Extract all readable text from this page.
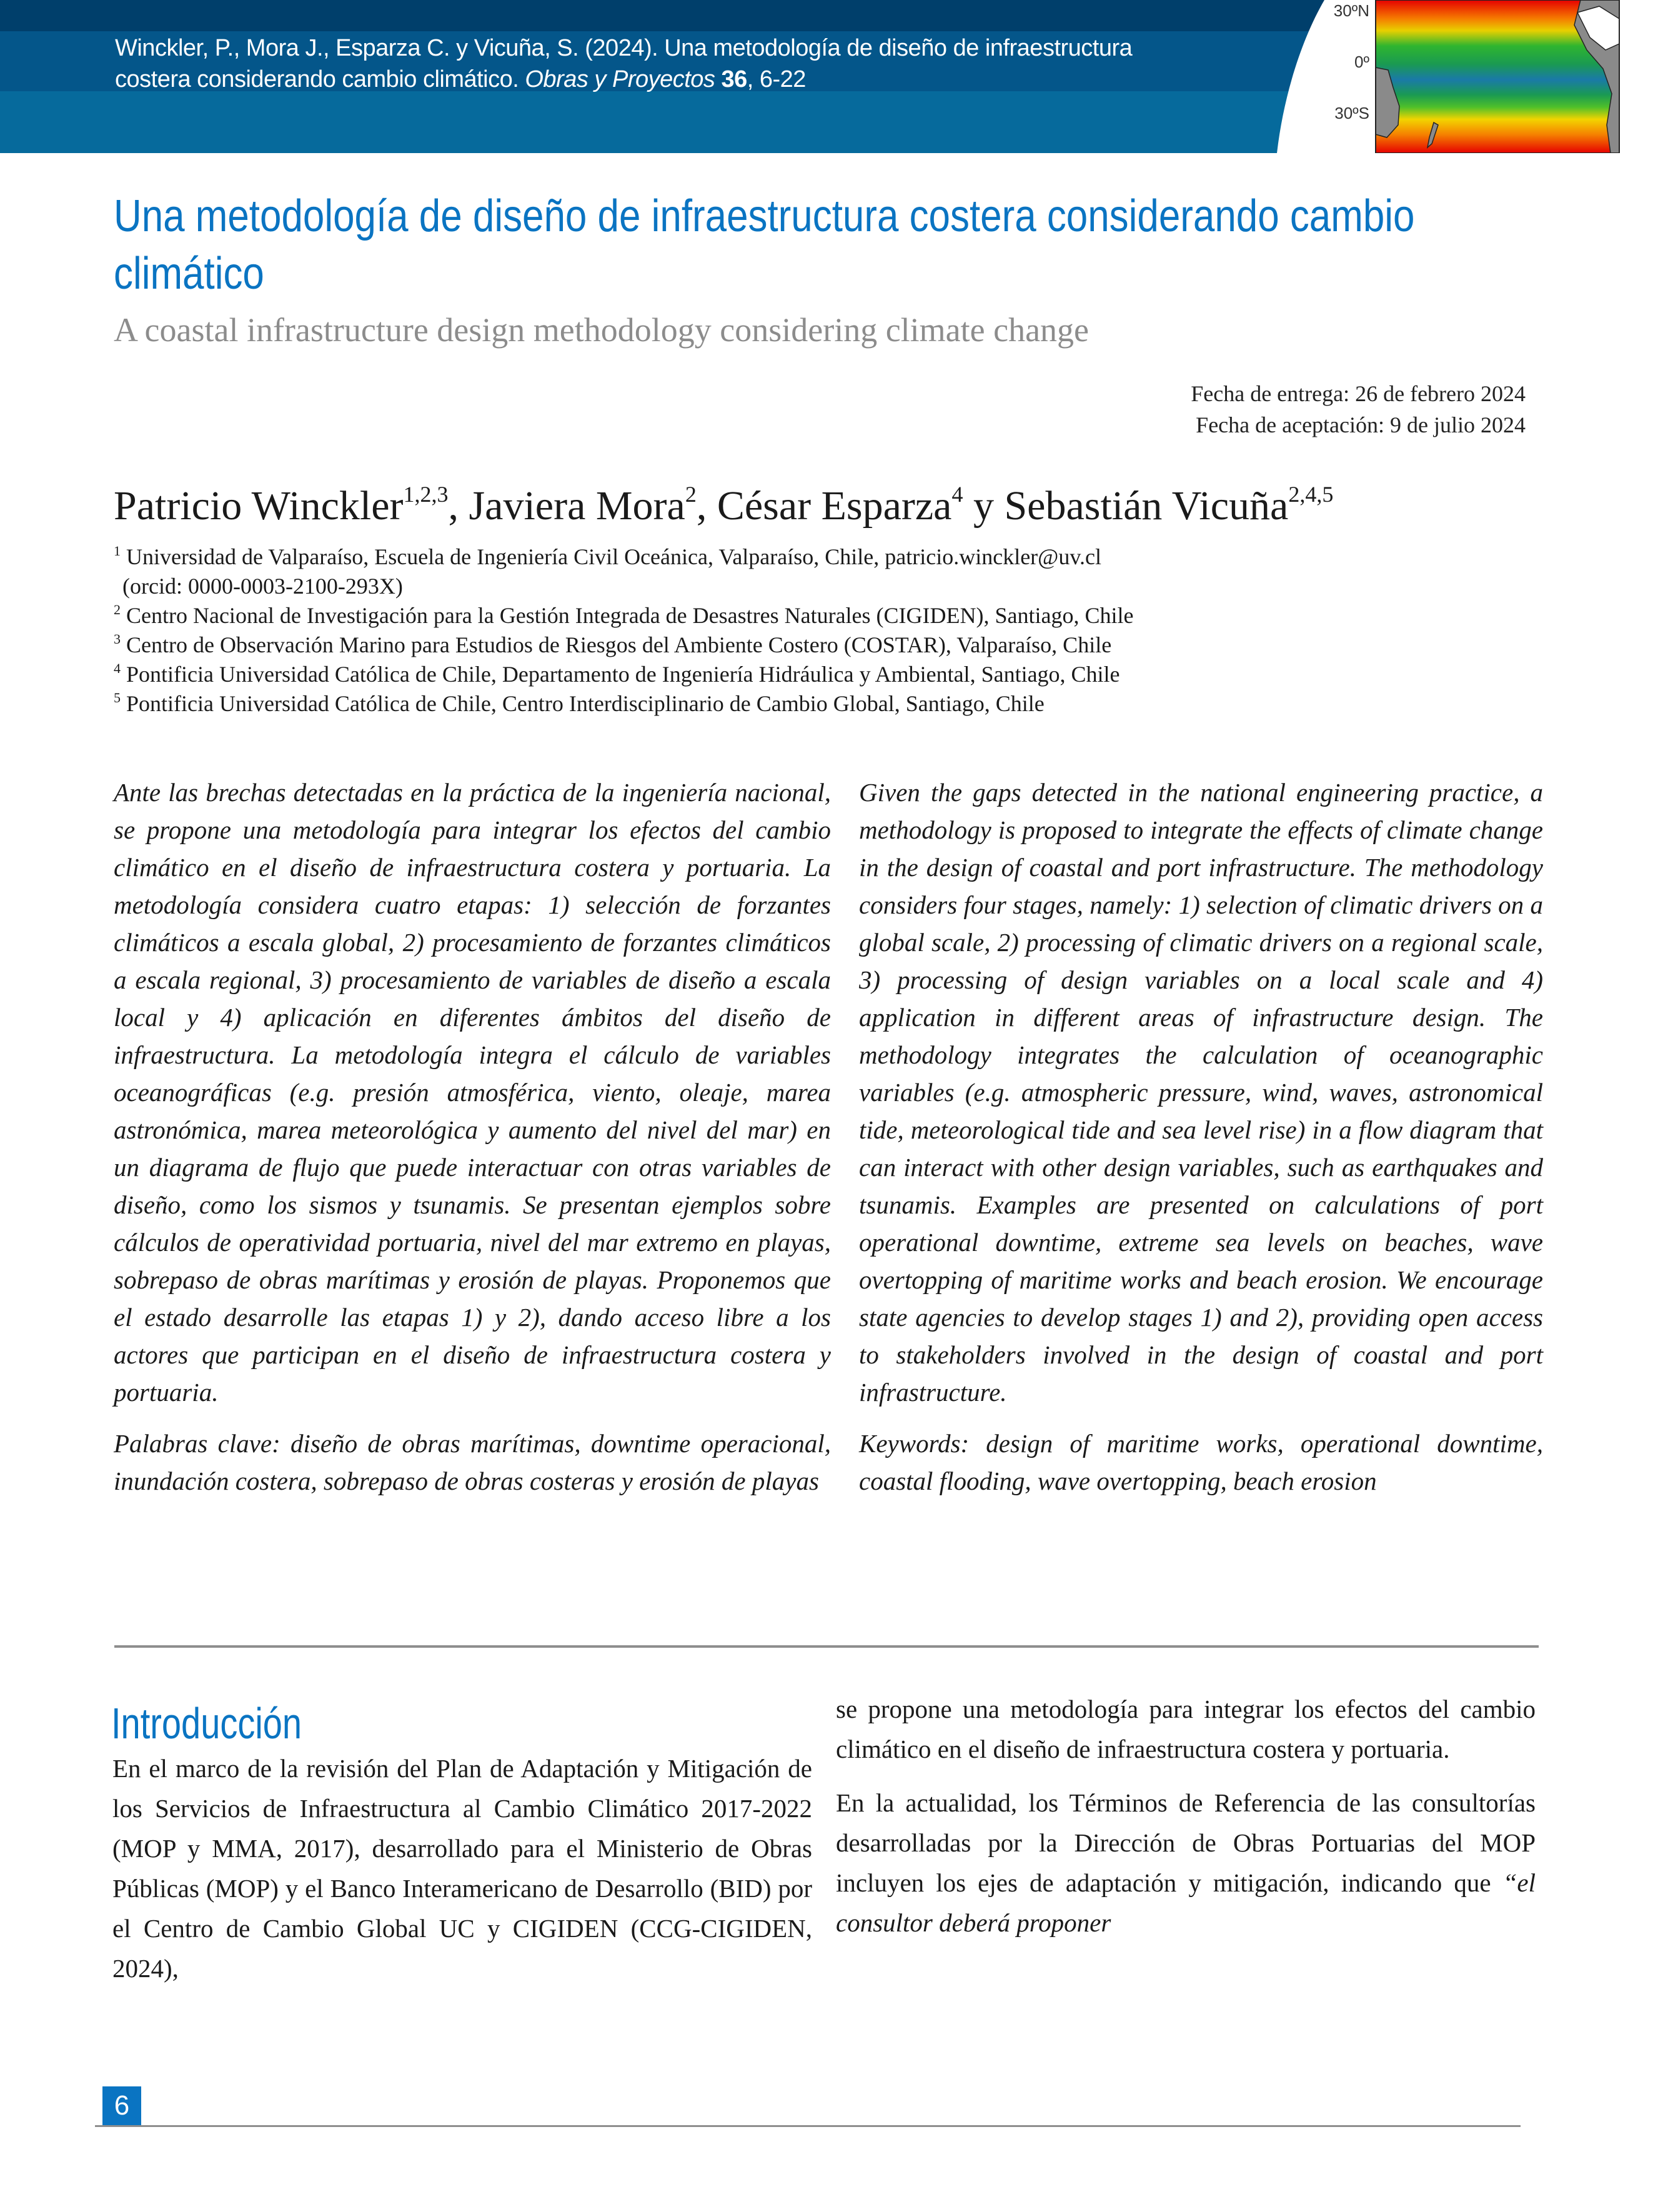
Winckler, P., Mora J., Esparza C. y Vicuña, S. (2024). Una metodología de diseño de infraestructura
costera considerando cambio climático. Obras y Proyectos 36, 6-22
30ºN
0º
30ºS
Una metodología de diseño de infraestructura costera considerando cambio climático
A coastal infrastructure design methodology considering climate change
Fecha de entrega: 26 de febrero 2024
Fecha de aceptación: 9 de julio 2024
Patricio Winckler$^{1,2,3}$, Javiera Mora$^2$, César Esparza$^4$ y Sebastián Vicuña$^{2,4,5}$
$^1$ Universidad de Valparaíso, Escuela de Ingeniería Civil Oceánica, Valparaíso, Chile, patricio.winckler@uv.cl
(orcid: 0000-0003-2100-293X)
$^2$ Centro Nacional de Investigación para la Gestión Integrada de Desastres Naturales (CIGIDEN), Santiago, Chile
$^3$ Centro de Observación Marino para Estudios de Riesgos del Ambiente Costero (COSTAR), Valparaíso, Chile
$^4$ Pontificia Universidad Católica de Chile, Departamento de Ingeniería Hidráulica y Ambiental, Santiago, Chile
$^5$ Pontificia Universidad Católica de Chile, Centro Interdisciplinario de Cambio Global, Santiago, Chile

Ante las brechas detectadas en la práctica de la ingeniería nacional, se propone una metodología para integrar los efectos del cambio climático en el diseño de infraestructura costera y portuaria. La metodología considera cuatro etapas: 1) selección de forzantes climáticos a escala global, 2) procesamiento de forzantes climáticos a escala regional, 3) procesamiento de variables de diseño a escala local y 4) aplicación en diferentes ámbitos del diseño de infraestructura. La metodología integra el cálculo de variables oceanográficas (e.g. presión atmosférica, viento, oleaje, marea astronómica, marea meteorológica y aumento del nivel del mar) en un diagrama de flujo que puede interactuar con otras variables de diseño, como los sismos y tsunamis. Se presentan ejemplos sobre cálculos de operatividad portuaria, nivel del mar extremo en playas, sobrepaso de obras marítimas y erosión de playas. Proponemos que el estado desarrolle las etapas 1) y 2), dando acceso libre a los actores que participan en el diseño de infraestructura costera y portuaria.

Palabras clave: diseño de obras marítimas, downtime operacional, inundación costera, sobrepaso de obras costeras y erosión de playas

Given the gaps detected in the national engineering practice, a methodology is proposed to integrate the effects of climate change in the design of coastal and port infrastructure. The methodology considers four stages, namely: 1) selection of climatic drivers on a global scale, 2) processing of climatic drivers on a regional scale, 3) processing of design variables on a local scale and 4) application in different areas of infrastructure design. The methodology integrates the calculation of oceanographic variables (e.g. atmospheric pressure, wind, waves, astronomical tide, meteorological tide and sea level rise) in a flow diagram that can interact with other design variables, such as earthquakes and tsunamis. Examples are presented on calculations of port operational downtime, extreme sea levels on beaches, wave overtopping of maritime works and beach erosion. We encourage state agencies to develop stages 1) and 2), providing open access to stakeholders involved in the design of coastal and port infrastructure.

Keywords: design of maritime works, operational downtime, coastal flooding, wave overtopping, beach erosion

Introducción

En el marco de la revisión del Plan de Adaptación y Mitigación de los Servicios de Infraestructura al Cambio Climático 2017-2022 (MOP y MMA, 2017), desarrollado para el Ministerio de Obras Públicas (MOP) y el Banco Interamericano de Desarrollo (BID) por el Centro de Cambio Global UC y CIGIDEN (CCG-CIGIDEN, 2024),

se propone una metodología para integrar los efectos del cambio climático en el diseño de infraestructura costera y portuaria.

En la actualidad, los Términos de Referencia de las consultorías desarrolladas por la Dirección de Obras Portuarias del MOP incluyen los ejes de adaptación y mitigación, indicando que “el consultor deberá proponer

6
